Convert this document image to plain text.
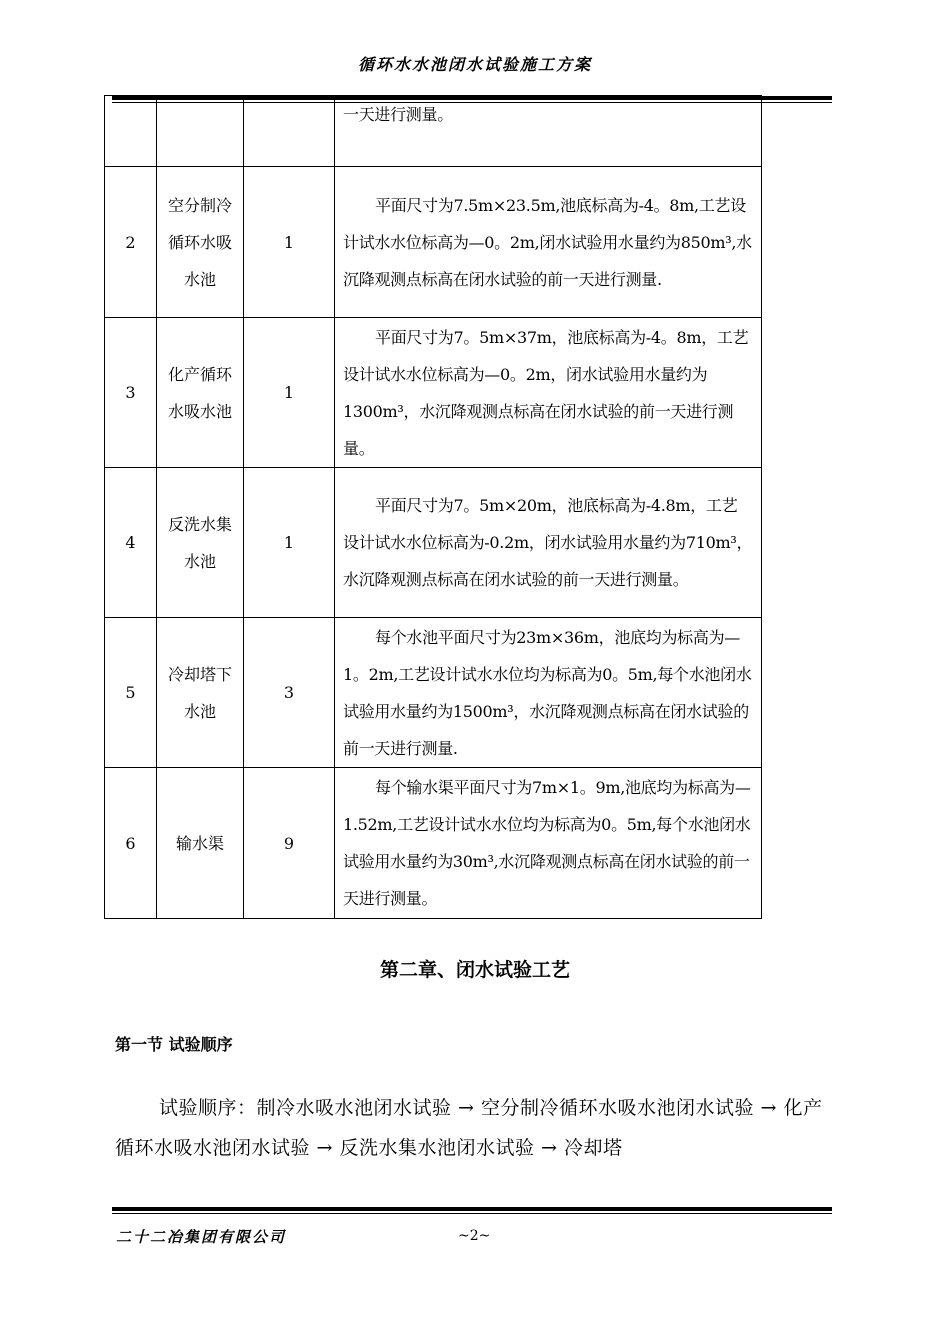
循环水水池闭水试验施工方案
			一天进行测量。
2	空分制冷循环水吸水池	1	平面尺寸为7.5m×23.5m,池底标高为-4。8m,工艺设计试水水位标高为—0。2m,闭水试验用水量约为850m³,水沉降观测点标高在闭水试验的前一天进行测量.
3	化产循环水吸水池	1	平面尺寸为7。5m×37m，池底标高为-4。8m，工艺设计试水水位标高为—0。2m，闭水试验用水量约为1300m³，水沉降观测点标高在闭水试验的前一天进行测量。
4	反洗水集水池	1	平面尺寸为7。5m×20m，池底标高为-4.8m，工艺设计试水水位标高为-0.2m，闭水试验用水量约为710m³，水沉降观测点标高在闭水试验的前一天进行测量。
5	冷却塔下水池	3	每个水池平面尺寸为23m×36m，池底均为标高为—1。2m,工艺设计试水水位均为标高为0。5m,每个水池闭水试验用水量约为1500m³，水沉降观测点标高在闭水试验的前一天进行测量.
6	输水渠	9	每个输水渠平面尺寸为7m×1。9m,池底均为标高为—1.52m,工艺设计试水水位均为标高为0。5m,每个水池闭水试验用水量约为30m³,水沉降观测点标高在闭水试验的前一天进行测量。
第二章、闭水试验工艺
第一节 试验顺序
试验顺序：制冷水吸水池闭水试验 → 空分制冷循环水吸水池闭水试验 → 化产循环水吸水池闭水试验 → 反洗水集水池闭水试验 → 冷却塔
二十二冶集团有限公司	~2~
